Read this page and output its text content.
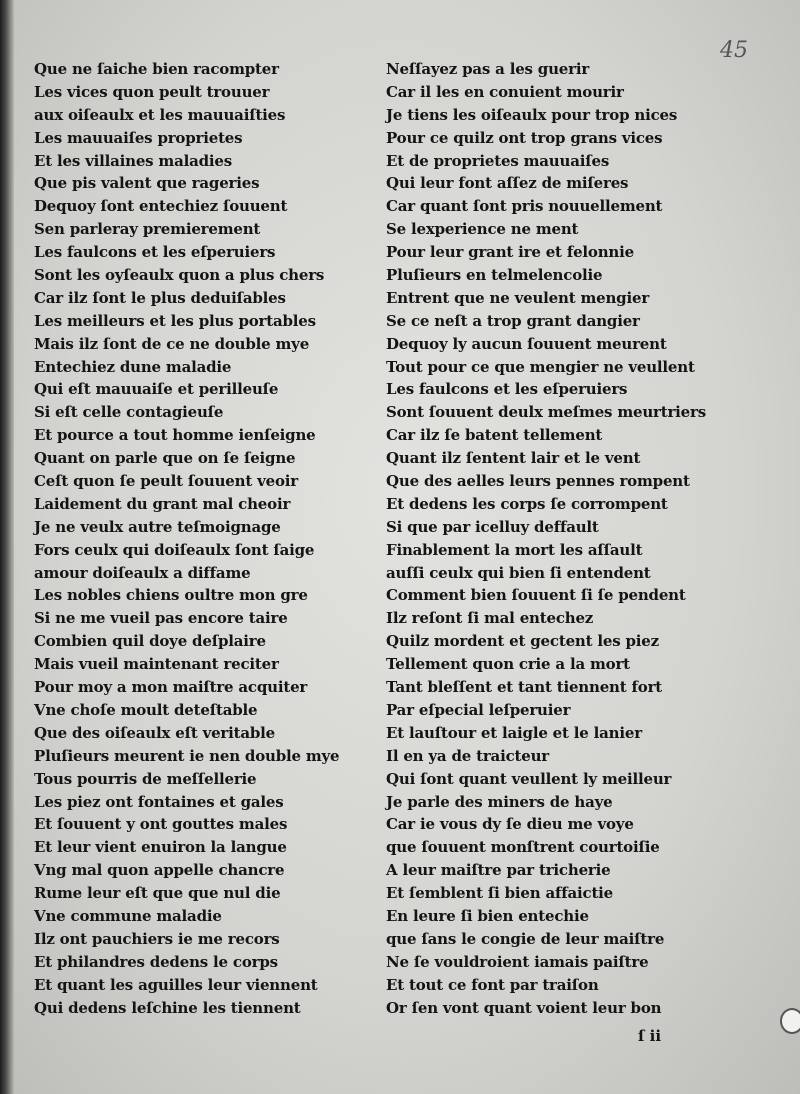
45
Que ne ſaiche bien racompter
Les vices quon peult trouuer
aux oiſeaulx et les mauuaiſties
Les mauuaiſes proprietes
Et les villaines maladies
Que pis valent que rageries
Dequoy ſont entechiez ſouuent
Sen parleray premierement
Les faulcons et les eſperuiers
Sont les oyſeaulx quon a plus chers
Car ilz ſont le plus deduiſables
Les meilleurs et les plus portables
Mais ilz ſont de ce ne double mye
Entechiez dune maladie
Qui eſt mauuaiſe et perilleuſe
Si eſt celle contagieuſe
Et pource a tout homme ienſeigne
Quant on parle que on ſe ſeigne
Ceſt quon ſe peult ſouuent veoir
Laidement du grant mal cheoir
Je ne veulx autre teſmoignage
Fors ceulx qui doiſeaulx ſont ſaige
amour doiſeaulx a diffame
Les nobles chiens oultre mon gre
Si ne me vueil pas encore taire
Combien quil doye deſplaire
Mais vueil maintenant reciter
Pour moy a mon maiſtre acquiter
Vne choſe moult deteſtable
Que des oiſeaulx eſt veritable
Pluſieurs meurent ie nen double mye
Tous pourris de meſſellerie
Les piez ont fontaines et gales
Et ſouuent y ont gouttes males
Et leur vient enuiron la langue
Vng mal quon appelle chancre
Rume leur eſt que que nul die
Vne commune maladie
Ilz ont pauchiers ie me recors
Et philandres dedens le corps
Et quant les aguilles leur viennent
Qui dedens leſchine les tiennent
Neſſayez pas a les guerir
Car il les en conuient mourir
Je tiens les oiſeaulx pour trop nices
Pour ce quilz ont trop grans vices
Et de proprietes mauuaiſes
Qui leur font aſſez de miſeres
Car quant ſont pris nouuellement
Se lexperience ne ment
Pour leur grant ire et felonnie
Pluſieurs en telmelencolie
Entrent que ne veulent mengier
Se ce neſt a trop grant dangier
Dequoy ly aucun ſouuent meurent
Tout pour ce que mengier ne veullent
Les faulcons et les eſperuiers
Sont ſouuent deulx meſmes meurtriers
Car ilz ſe batent tellement
Quant ilz ſentent lair et le vent
Que des aelles leurs pennes rompent
Et dedens les corps ſe corrompent
Si que par icelluy deffault
Finablement la mort les aſſault
auſſi ceulx qui bien ſi entendent
Comment bien ſouuent ſi ſe pendent
Ilz reſont ſi mal entechez
Quilz mordent et gectent les piez
Tellement quon crie a la mort
Tant bleſſent et tant tiennent fort
Par eſpecial leſperuier
Et lauſtour et laigle et le lanier
Il en ya de traicteur
Qui ſont quant veullent ly meilleur
Je parle des miners de haye
Car ie vous dy ſe dieu me voye
que ſouuent monſtrent courtoiſie
A leur maiſtre par tricherie
Et ſemblent ſi bien affaictie
En leure ſi bien entechie
que ſans le congie de leur maiſtre
Ne ſe vouldroient iamais paiſtre
Et tout ce font par traiſon
Or ſen vont quant voient leur bon
ſ ii
